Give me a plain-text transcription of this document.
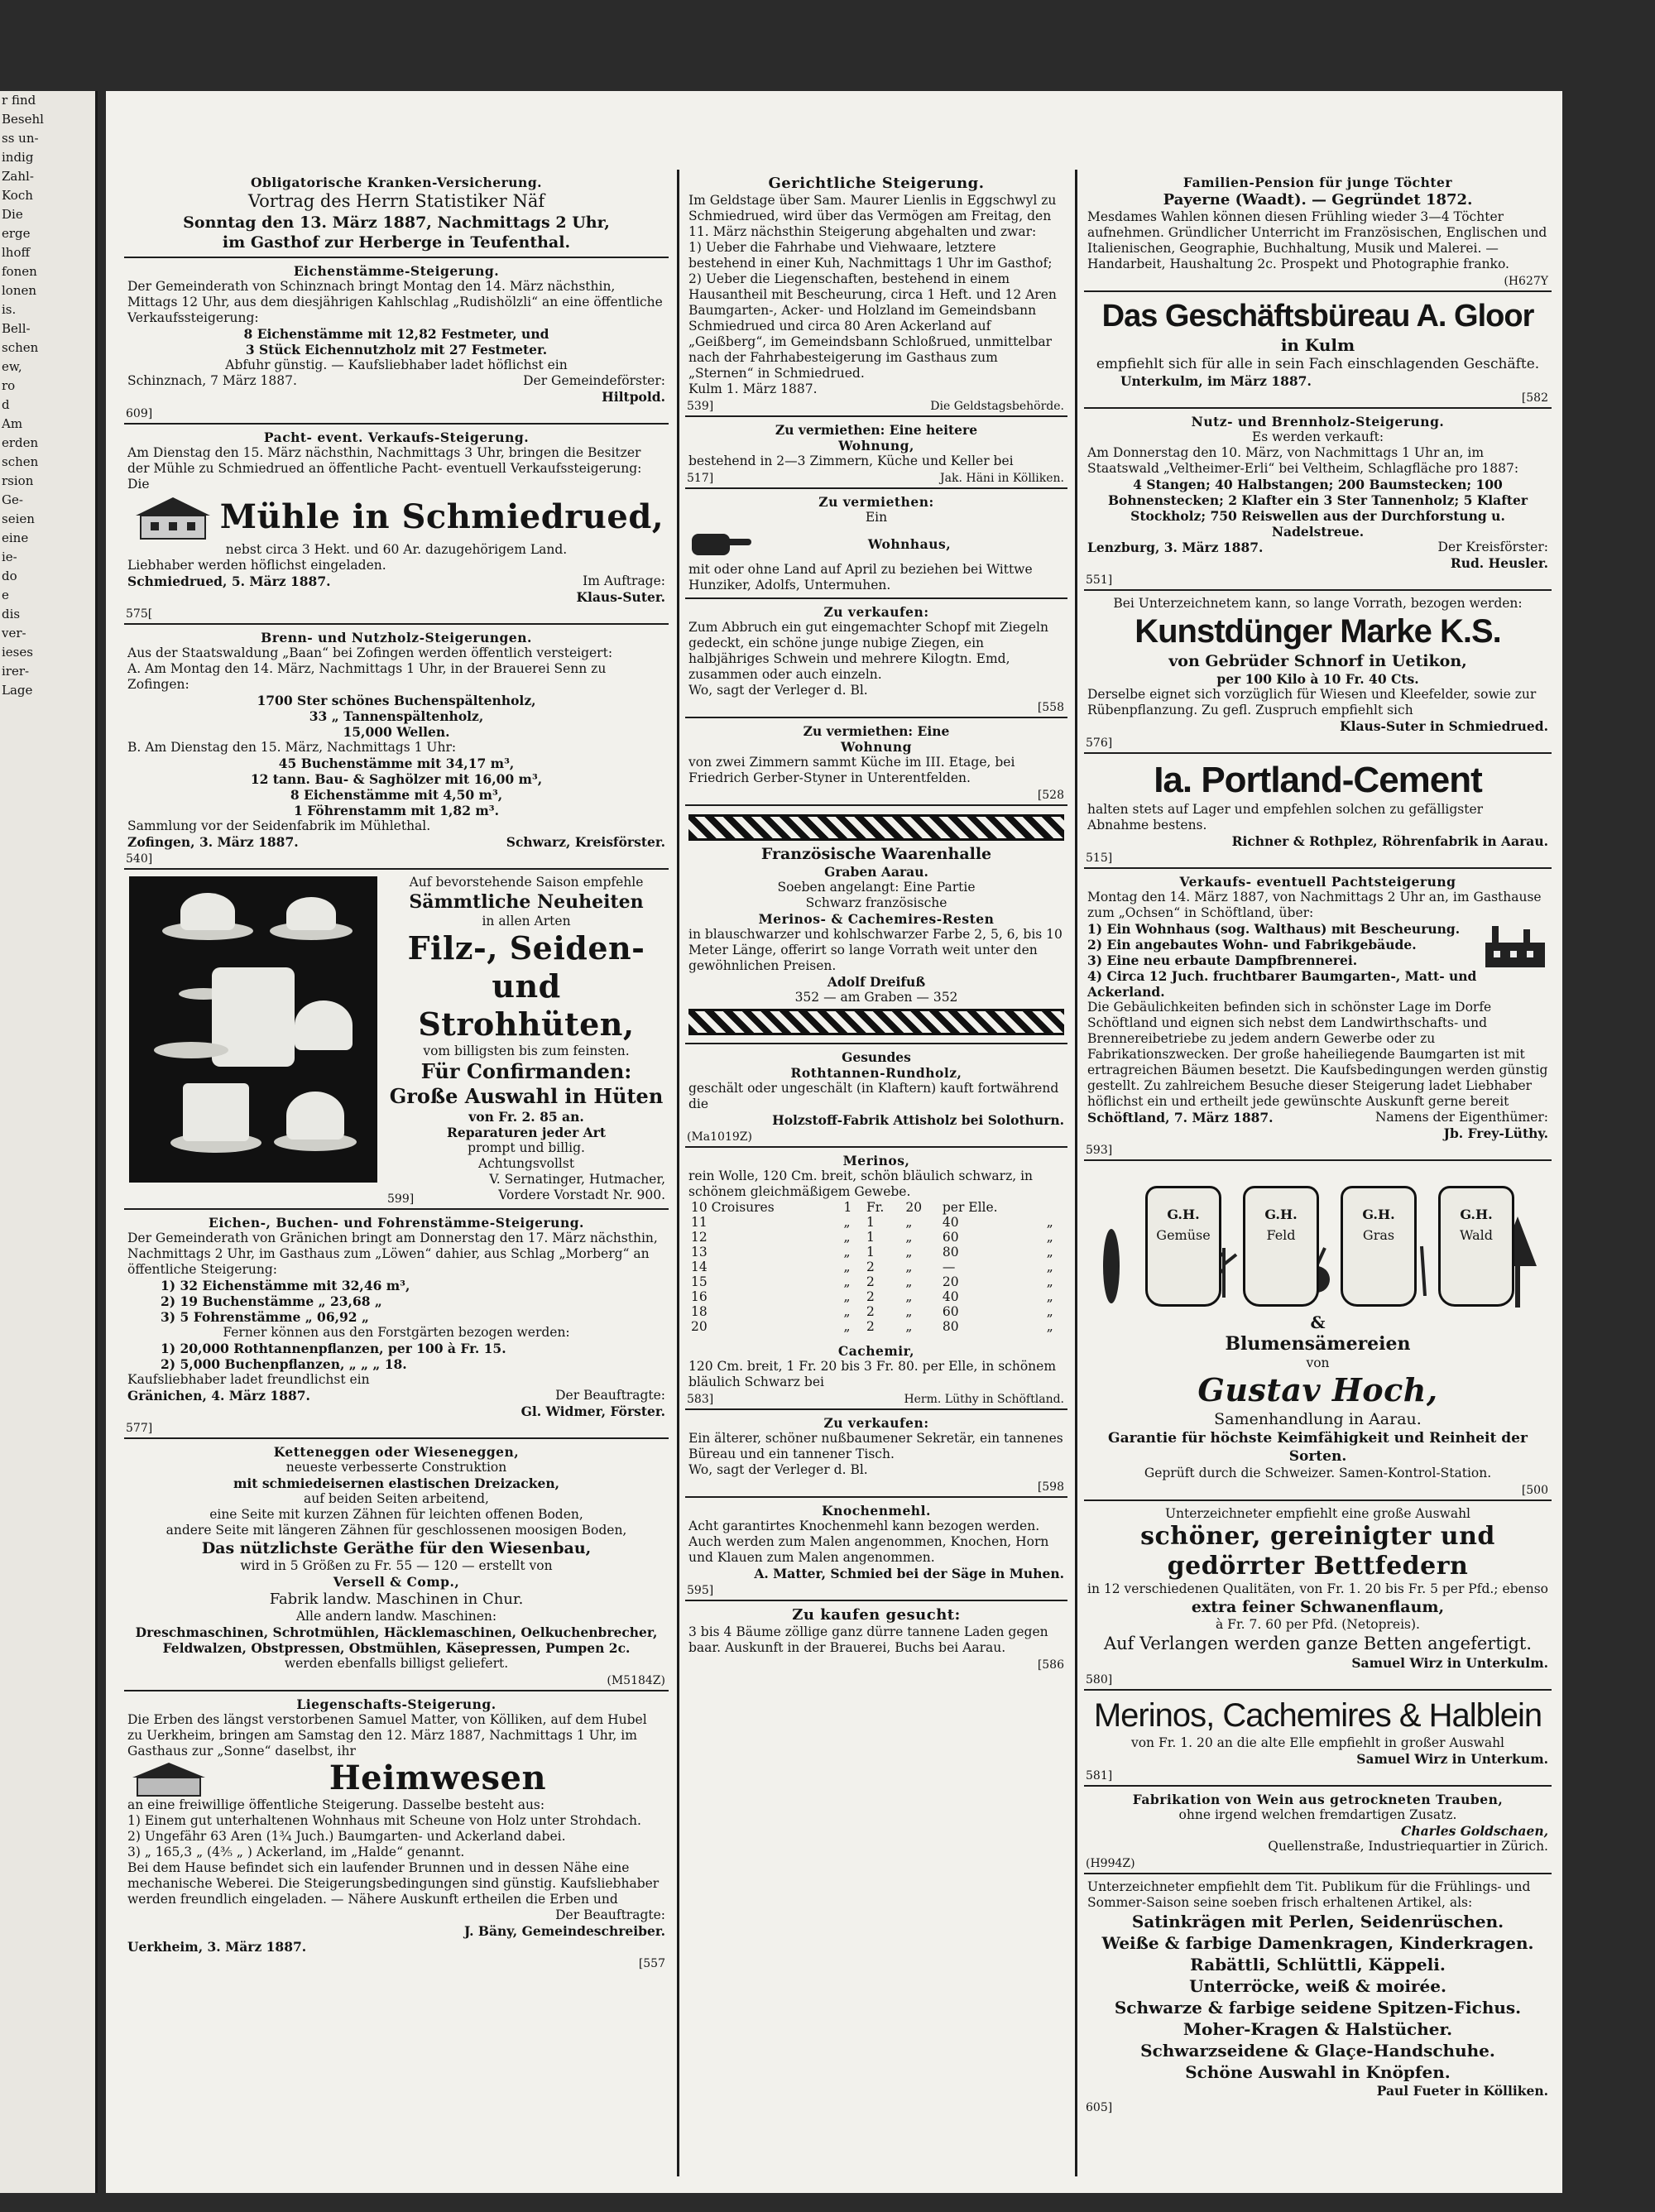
r find
Besehl
ss un-
indig
Zahl-
Koch
Die
erge
lhoff
fonen
lonen
is.
Bell-
schen
ew,
ro
d
Am
erden
schen
rsion
Ge-
seien
eine
ie-
do
e
dis
ver-
ieses
irer-
Lage

Obligatorische Kranken-Versicherung.

Vortrag des Herrn Statistiker Näf

Sonntag den 13. März 1887, Nachmittags 2 Uhr,

im Gasthof zur Herberge in Teufenthal.

Eichenstämme-Steigerung.

Der Gemeinderath von Schinznach bringt Montag den 14. März nächsthin, Mittags 12 Uhr, aus dem diesjährigen Kahlschlag „Rudishölzli“ an eine öffentliche Verkaufssteigerung:

8 Eichenstämme mit 12,82 Festmeter, und

3 Stück Eichennutzholz mit 27 Festmeter.

Abfuhr günstig. — Kaufsliebhaber ladet höflichst ein

Schinznach, 7 März 1887.	Der Gemeindeförster:

Hiltpold.

609]

Pacht- event. Verkaufs-Steigerung.

Am Dienstag den 15. März nächsthin, Nachmittags 3 Uhr, bringen die Besitzer der Mühle zu Schmiedrued an öffentliche Pacht- eventuell Verkaufssteigerung: Die

Mühle in Schmiedrued,

nebst circa 3 Hekt. und 60 Ar. dazugehörigem Land.

Liebhaber werden höflichst eingeladen.

Schmiedrued, 5. März 1887.	Im Auftrage:

Klaus-Suter.

575[

Brenn- und Nutzholz-Steigerungen.

Aus der Staatswaldung „Baan“ bei Zofingen werden öffentlich versteigert:

A. Am Montag den 14. März, Nachmittags 1 Uhr, in der Brauerei Senn zu Zofingen:

1700 Ster schönes Buchenspältenholz,

33 „ Tannenspältenholz,

15,000 Wellen.

B. Am Dienstag den 15. März, Nachmittags 1 Uhr:

45 Buchenstämme mit 34,17 m³,

12 tann. Bau- & Saghölzer mit 16,00 m³,

8 Eichenstämme mit 4,50 m³,

1 Föhrenstamm mit 1,82 m³.

Sammlung vor der Seidenfabrik im Mühlethal.

Zofingen, 3. März 1887.	Schwarz, Kreisförster.
540]

Auf bevorstehende Saison empfehle

Sämmtliche Neuheiten

in allen Arten

Filz-, Seiden- und Strohhüten,

vom billigsten bis zum feinsten.

Für Confirmanden:

Große Auswahl in Hüten

von Fr. 2. 85 an.

Reparaturen jeder Art

prompt und billig.

Achtungsvollst

V. Sernatinger, Hutmacher,

Vordere Vorstadt Nr. 900.

599]

Eichen-, Buchen- und Fohrenstämme-Steigerung.

Der Gemeinderath von Gränichen bringt am Donnerstag den 17. März nächsthin, Nachmittags 2 Uhr, im Gasthaus zum „Löwen“ dahier, aus Schlag „Morberg“ an öffentliche Steigerung:

1) 32 Eichenstämme mit 32,46 m³,

2) 19 Buchenstämme „ 23,68 „

3) 5 Fohrenstämme „ 06,92 „

Ferner können aus den Forstgärten bezogen werden:

1) 20,000 Rothtannenpflanzen, per 100 à Fr. 15.

2) 5,000 Buchenpflanzen, „ „ „ 18.

Kaufsliebhaber ladet freundlichst ein

Gränichen, 4. März 1887.	Der Beauftragte:

Gl. Widmer, Förster.

577]

Ketteneggen oder Wieseneggen,

neueste verbesserte Construktion

mit schmiedeisernen elastischen Dreizacken,

auf beiden Seiten arbeitend,

eine Seite mit kurzen Zähnen für leichten offenen Boden,

andere Seite mit längeren Zähnen für geschlossenen moosigen Boden,

Das nützlichste Geräthe für den Wiesenbau,

wird in 5 Größen zu Fr. 55 — 120 — erstellt von

Versell & Comp.,

Fabrik landw. Maschinen in Chur.

Alle andern landw. Maschinen:

Dreschmaschinen, Schrotmühlen, Häcklemaschinen, Oelkuchenbrecher,

Feldwalzen, Obstpressen, Obstmühlen, Käsepressen, Pumpen 2c.

werden ebenfalls billigst geliefert.

(M5184Z)

Liegenschafts-Steigerung.

Die Erben des längst verstorbenen Samuel Matter, von Kölliken, auf dem Hubel zu Uerkheim, bringen am Samstag den 12. März 1887, Nachmittags 1 Uhr, im Gasthaus zur „Sonne“ daselbst, ihr

Heimwesen

an eine freiwillige öffentliche Steigerung. Dasselbe besteht aus:

1) Einem gut unterhaltenen Wohnhaus mit Scheune von Holz unter Strohdach.

2) Ungefähr 63 Aren (1¾ Juch.) Baumgarten- und Ackerland dabei.

3) „ 165,3 „ (4⅗ „ ) Ackerland, im „Halde“ genannt.

Bei dem Hause befindet sich ein laufender Brunnen und in dessen Nähe eine mechanische Weberei. Die Steigerungsbedingungen sind günstig. Kaufsliebhaber werden freundlich eingeladen. — Nähere Auskunft ertheilen die Erben und

Der Beauftragte:

J. Bäny, Gemeindeschreiber.

Uerkheim, 3. März 1887.

[557

Gerichtliche Steigerung.

Im Geldstage über Sam. Maurer Lienlis in Eggschwyl zu Schmiedrued, wird über das Vermögen am Freitag, den 11. März nächsthin Steigerung abgehalten und zwar:

1) Ueber die Fahrhabe und Viehwaare, letztere bestehend in einer Kuh, Nachmittags 1 Uhr im Gasthof;

2) Ueber die Liegenschaften, bestehend in einem Hausantheil mit Bescheurung, circa 1 Heft. und 12 Aren Baumgarten-, Acker- und Holzland im Gemeindsbann Schmiedrued und circa 80 Aren Ackerland auf „Geißberg“, im Gemeindsbann Schloßrued, unmittelbar nach der Fahrhabesteigerung im Gasthaus zum „Sternen“ in Schmiedrued.

Kulm 1. März 1887.

Die Geldstagsbehörde.
539]

Zu vermiethen: Eine heitere

Wohnung,

bestehend in 2—3 Zimmern, Küche und Keller bei

Jak. Häni in Kölliken.
517]

Zu vermiethen:

Ein

Wohnhaus,

mit oder ohne Land auf April zu beziehen bei Wittwe Hunziker, Adolfs, Untermuhen.

Zu verkaufen:

Zum Abbruch ein gut eingemachter Schopf mit Ziegeln gedeckt, ein schöne junge nubige Ziegen, ein halbjähriges Schwein und mehrere Kilogtn. Emd, zusammen oder auch einzeln.

Wo, sagt der Verleger d. Bl.

[558

Zu vermiethen: Eine

Wohnung

von zwei Zimmern sammt Küche im III. Etage, bei Friedrich Gerber-Styner in Unterentfelden.

[528

Französische Waarenhalle

Graben Aarau.

Soeben angelangt: Eine Partie

Schwarz französische

Merinos- & Cachemires-Resten

in blauschwarzer und kohlschwarzer Farbe 2, 5, 6, bis 10 Meter Länge, offerirt so lange Vorrath weit unter den gewöhnlichen Preisen.

Adolf Dreifuß

352 — am Graben — 352

Gesundes

Rothtannen-Rundholz,

geschält oder ungeschält (in Klaftern) kauft fortwährend die

Holzstoff-Fabrik Attisholz bei Solothurn.

(Ma1019Z)

Merinos,

rein Wolle, 120 Cm. breit, schön bläulich schwarz, in schönem gleichmäßigem Gewebe.

10 Croisures	1	Fr.	20	per Elle.	
11	„	1	„	40	„
12	„	1	„	60	„
13	„	1	„	80	„
14	„	2	„	—	„
15	„	2	„	20	„
16	„	2	„	40	„
18	„	2	„	60	„
20	„	2	„	80	„

Cachemir,

120 Cm. breit, 1 Fr. 20 bis 3 Fr. 80. per Elle, in schönem bläulich Schwarz bei

Herm. Lüthy in Schöftland.
583]

Zu verkaufen:

Ein älterer, schöner nußbaumener Sekretär, ein tannenes Büreau und ein tannener Tisch.

Wo, sagt der Verleger d. Bl.

[598

Knochenmehl.

Acht garantirtes Knochenmehl kann bezogen werden. Auch werden zum Malen angenommen, Knochen, Horn und Klauen zum Malen angenommen.

A. Matter, Schmied bei der Säge in Muhen.

595]

Zu kaufen gesucht:

3 bis 4 Bäume zöllige ganz dürre tannene Laden gegen baar. Auskunft in der Brauerei, Buchs bei Aarau.

[586

Familien-Pension für junge Töchter

Payerne (Waadt). — Gegründet 1872.

Mesdames Wahlen können diesen Frühling wieder 3—4 Töchter aufnehmen. Gründlicher Unterricht im Französischen, Englischen und Italienischen, Geographie, Buchhaltung, Musik und Malerei. — Handarbeit, Haushaltung 2c. Prospekt und Photographie franko.

(H627Y

Das Geschäftsbüreau A. Gloor

in Kulm

empfiehlt sich für alle in sein Fach einschlagenden Geschäfte.

Unterkulm, im März 1887.

[582

Nutz- und Brennholz-Steigerung.

Es werden verkauft:

Am Donnerstag den 10. März, von Nachmittags 1 Uhr an, im Staatswald „Veltheimer-Erli“ bei Veltheim, Schlagfläche pro 1887:

4 Stangen; 40 Halbstangen; 200 Baumstecken; 100 Bohnenstecken; 2 Klafter ein 3 Ster Tannenholz; 5 Klafter Stockholz; 750 Reiswellen aus der Durchforstung u. Nadelstreue.

Lenzburg, 3. März 1887.	Der Kreisförster:

Rud. Heusler.

551]

Bei Unterzeichnetem kann, so lange Vorrath, bezogen werden:

Kunstdünger Marke K.S.

von Gebrüder Schnorf in Uetikon,

per 100 Kilo à 10 Fr. 40 Cts.

Derselbe eignet sich vorzüglich für Wiesen und Kleefelder, sowie zur Rübenpflanzung. Zu gefl. Zuspruch empfiehlt sich

Klaus-Suter in Schmiedrued.

576]

Ia. Portland-Cement

halten stets auf Lager und empfehlen solchen zu gefälligster Abnahme bestens.

Richner & Rothplez, Röhrenfabrik in Aarau.

515]

Verkaufs- eventuell Pachtsteigerung

Montag den 14. März 1887, von Nachmittags 2 Uhr an, im Gasthause zum „Ochsen“ in Schöftland, über:

1) Ein Wohnhaus (sog. Walthaus) mit Bescheurung.

2) Ein angebautes Wohn- und Fabrikgebäude.

3) Eine neu erbaute Dampfbrennerei.

4) Circa 12 Juch. fruchtbarer Baumgarten-, Matt- und Ackerland.

Die Gebäulichkeiten befinden sich in schönster Lage im Dorfe Schöftland und eignen sich nebst dem Landwirthschafts- und Brennereibetriebe zu jedem andern Gewerbe oder zu Fabrikationszwecken. Der große haheiliegende Baumgarten ist mit ertragreichen Bäumen besetzt. Die Kaufsbedingungen werden günstig gestellt. Zu zahlreichem Besuche dieser Steigerung ladet Liebhaber höflichst ein und ertheilt jede gewünschte Auskunft gerne bereit

Schöftland, 7. März 1887.	Namens der Eigenthümer:

Jb. Frey-Lüthy.

593]
G.H.
Gemüse
G.H.
Feld
G.H.
Gras
G.H.
Wald

&

Blumensämereien

von

Gustav Hoch,

Samenhandlung in Aarau.

Garantie für höchste Keimfähigkeit und Reinheit der Sorten.

Geprüft durch die Schweizer. Samen-Kontrol-Station.

[500

Unterzeichneter empfiehlt eine große Auswahl

schöner, gereinigter und gedörrter Bettfedern

in 12 verschiedenen Qualitäten, von Fr. 1. 20 bis Fr. 5 per Pfd.; ebenso

extra feiner Schwanenflaum,

à Fr. 7. 60 per Pfd. (Netopreis).

Auf Verlangen werden ganze Betten angefertigt.

Samuel Wirz in Unterkulm.

580]

Merinos, Cachemires & Halblein

von Fr. 1. 20 an die alte Elle empfiehlt in großer Auswahl

Samuel Wirz in Unterkum.

581]

Fabrikation von Wein aus getrockneten Trauben,

ohne irgend welchen fremdartigen Zusatz.

Charles Goldschaen,

Quellenstraße, Industriequartier in Zürich.

(H994Z)

Unterzeichneter empfiehlt dem Tit. Publikum für die Frühlings- und Sommer-Saison seine soeben frisch erhaltenen Artikel, als:

Satinkrägen mit Perlen, Seidenrüschen.

Weiße & farbige Damenkragen, Kinderkragen.

Rabättli, Schlüttli, Käppeli.

Unterröcke, weiß & moirée.

Schwarze & farbige seidene Spitzen-Fichus.

Moher-Kragen & Halstücher.

Schwarzseidene & Glaçe-Handschuhe.

Schöne Auswahl in Knöpfen.

Paul Fueter in Kölliken.

605]
